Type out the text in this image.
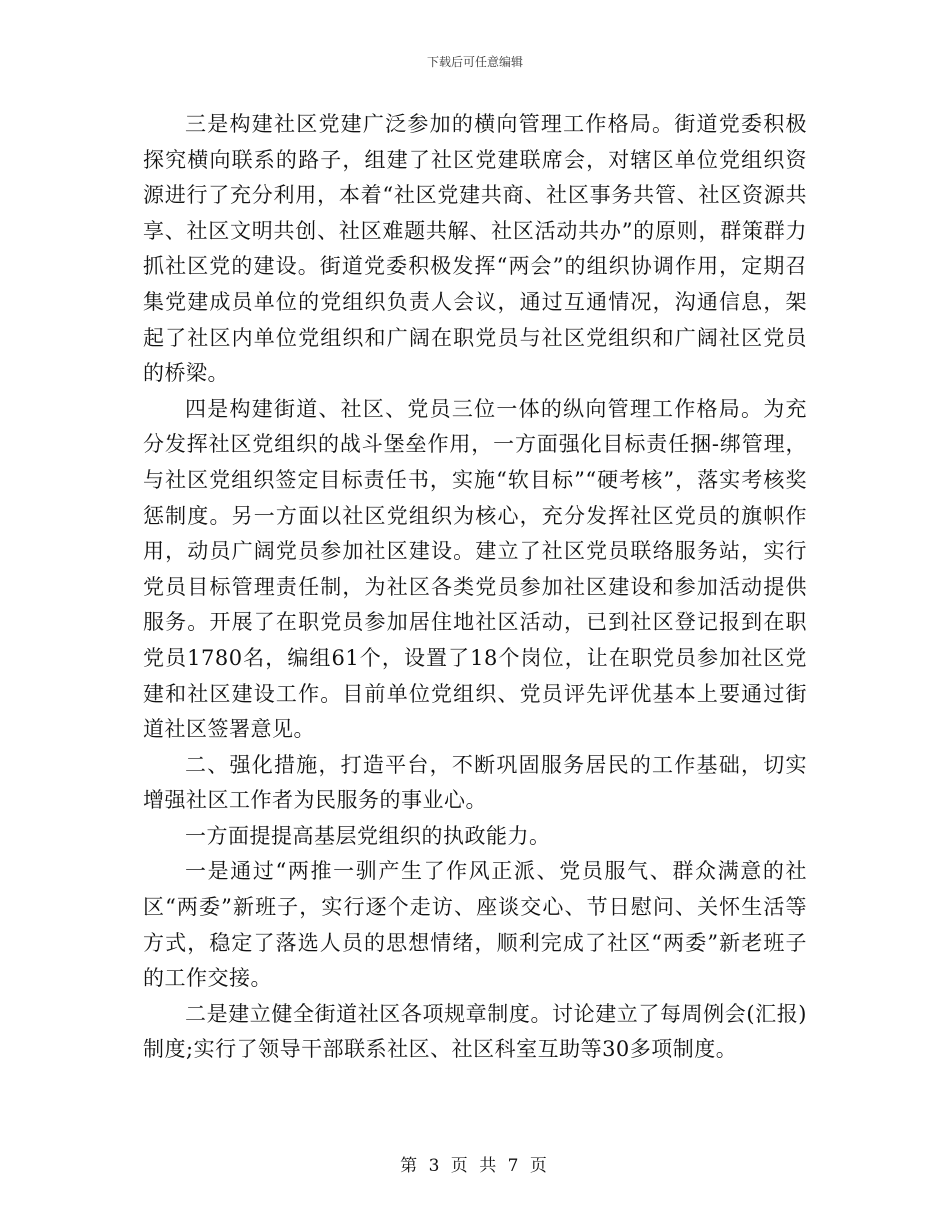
下载后可任意编辑

三是构建社区党建广泛参加的横向管理工作格局。街道党委积极探究横向联系的路子，组建了社区党建联席会，对辖区单位党组织资源进行了充分利用，本着“社区党建共商、社区事务共管、社区资源共享、社区文明共创、社区难题共解、社区活动共办”的原则，群策群力抓社区党的建设。街道党委积极发挥“两会”的组织协调作用，定期召集党建成员单位的党组织负责人会议，通过互通情况，沟通信息，架起了社区内单位党组织和广阔在职党员与社区党组织和广阔社区党员的桥梁。

四是构建街道、社区、党员三位一体的纵向管理工作格局。为充分发挥社区党组织的战斗堡垒作用，一方面强化目标责任捆-绑管理，与社区党组织签定目标责任书，实施“软目标”“硬考核”，落实考核奖惩制度。另一方面以社区党组织为核心，充分发挥社区党员的旗帜作用，动员广阔党员参加社区建设。建立了社区党员联络服务站，实行党员目标管理责任制，为社区各类党员参加社区建设和参加活动提供服务。开展了在职党员参加居住地社区活动，已到社区登记报到在职党员1780名，编组61个，设置了18个岗位，让在职党员参加社区党建和社区建设工作。目前单位党组织、党员评先评优基本上要通过街道社区签署意见。

二、强化措施，打造平台，不断巩固服务居民的工作基础，切实增强社区工作者为民服务的事业心。

一方面提提高基层党组织的执政能力。

一是通过“两推一驯产生了作风正派、党员服气、群众满意的社区“两委”新班子，实行逐个走访、座谈交心、节日慰问、关怀生活等方式，稳定了落选人员的思想情绪，顺利完成了社区“两委”新老班子的工作交接。

二是建立健全街道社区各项规章制度。讨论建立了每周例会(汇报)制度;实行了领导干部联系社区、社区科室互助等30多项制度。

第 3 页 共 7 页
